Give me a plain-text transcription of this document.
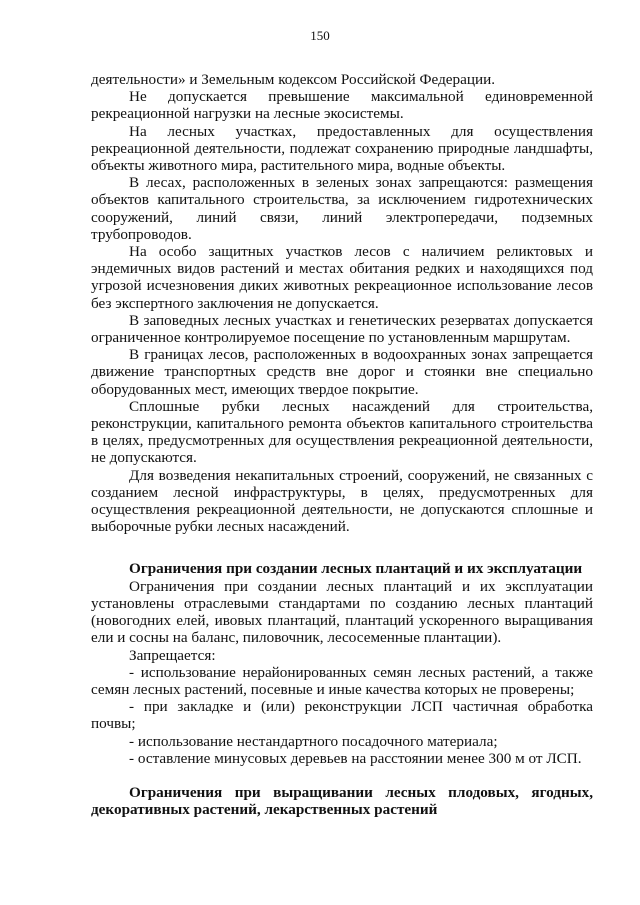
150

деятельности» и Земельным кодексом Российской Федерации.

Не допускается превышение максимальной единовременной
рекреационной нагрузки на лесные экосистемы.

На лесных участках, предоставленных для осуществления
рекреационной деятельности, подлежат сохранению природные ландшафты,
объекты животного мира, растительного мира, водные объекты.

В лесах, расположенных в зеленых зонах запрещаются: размещения
объектов капитального строительства, за исключением гидротехнических
сооружений, линий связи, линий электропередачи, подземных
трубопроводов.

На особо защитных участков лесов с наличием реликтовых и
эндемичных видов растений и местах обитания редких и находящихся под
угрозой исчезновения диких животных рекреационное использование лесов
без экспертного заключения не допускается.

В заповедных лесных участках и генетических резерватах допускается
ограниченное контролируемое посещение по установленным маршрутам.

В границах лесов, расположенных в водоохранных зонах запрещается
движение транспортных средств вне дорог и стоянки вне специально
оборудованных мест, имеющих твердое покрытие.

Сплошные рубки лесных насаждений для строительства,
реконструкции, капитального ремонта объектов капитального строительства
в целях, предусмотренных для осуществления рекреационной деятельности,
не допускаются.

Для возведения некапитальных строений, сооружений, не связанных с
созданием лесной инфраструктуры, в целях, предусмотренных для
осуществления рекреационной деятельности, не допускаются сплошные и
выборочные рубки лесных насаждений.

Ограничения при создании лесных плантаций и их эксплуатации

Ограничения при создании лесных плантаций и их эксплуатации
установлены отраслевыми стандартами по созданию лесных плантаций
(новогодних елей, ивовых плантаций, плантаций ускоренного выращивания
ели и сосны на баланс, пиловочник, лесосеменные плантации).

Запрещается:

- использование нерайонированных семян лесных растений, а также
семян лесных растений, посевные и иные качества которых не проверены;

- при закладке и (или) реконструкции ЛСП частичная обработка
почвы;

- использование нестандартного посадочного материала;

- оставление минусовых деревьев на расстоянии менее 300 м от ЛСП.

Ограничения при выращивании лесных плодовых, ягодных,
декоративных растений, лекарственных растений
